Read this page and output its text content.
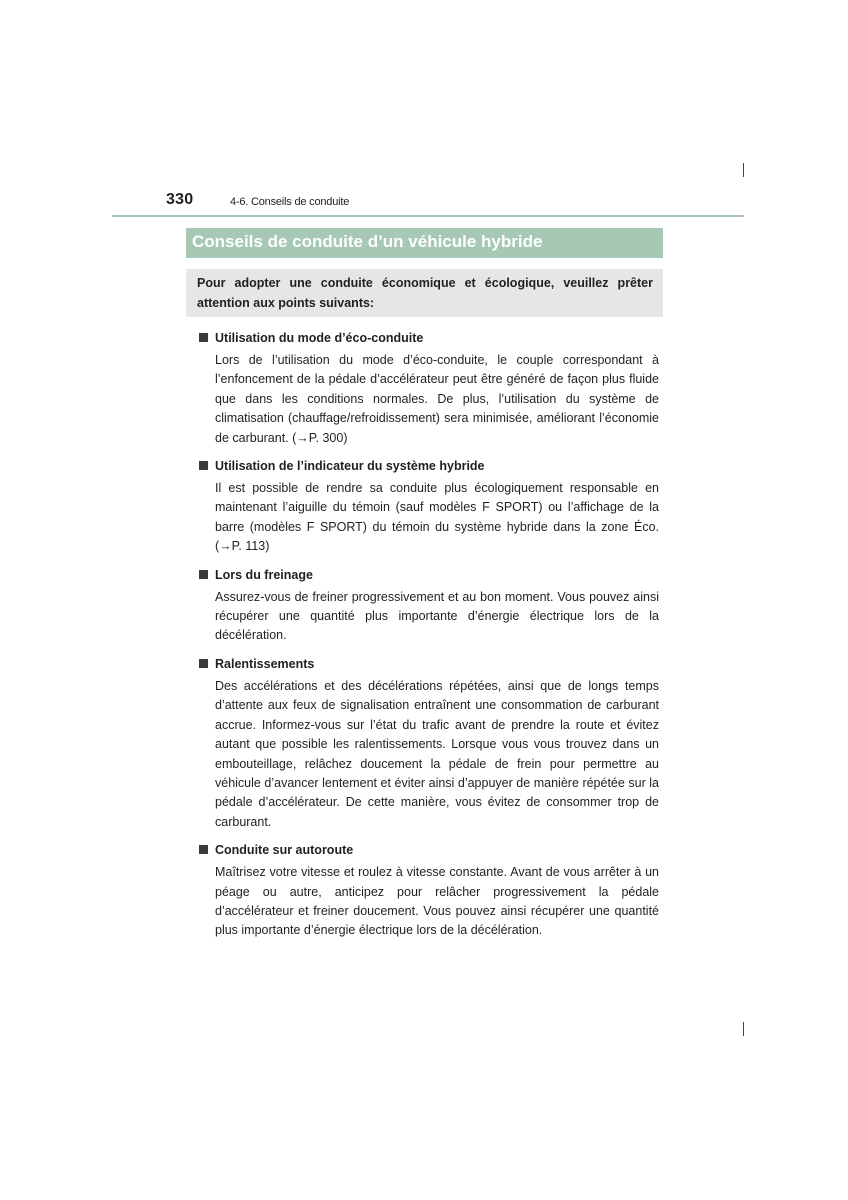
330	4-6. Conseils de conduite
Conseils de conduite d’un véhicule hybride
Pour adopter une conduite économique et écologique, veuillez prêter attention aux points suivants:
Utilisation du mode d’éco-conduite
Lors de l’utilisation du mode d’éco-conduite, le couple correspondant à l’enfoncement de la pédale d’accélérateur peut être généré de façon plus fluide que dans les conditions normales. De plus, l’utilisation du système de climatisation (chauffage/refroidissement) sera minimisée, améliorant l’économie de carburant. (→P. 300)
Utilisation de l’indicateur du système hybride
Il est possible de rendre sa conduite plus écologiquement responsable en maintenant l’aiguille du témoin (sauf modèles F SPORT) ou l’affichage de la barre (modèles F SPORT) du témoin du système hybride dans la zone Éco. (→P. 113)
Lors du freinage
Assurez-vous de freiner progressivement et au bon moment. Vous pouvez ainsi récupérer une quantité plus importante d’énergie électrique lors de la décélération.
Ralentissements
Des accélérations et des décélérations répétées, ainsi que de longs temps d’attente aux feux de signalisation entraînent une consommation de carburant accrue. Informez-vous sur l’état du trafic avant de prendre la route et évitez autant que possible les ralentissements. Lorsque vous vous trouvez dans un embouteillage, relâchez doucement la pédale de frein pour permettre au véhicule d’avancer lentement et éviter ainsi d’appuyer de manière répétée sur la pédale d’accélérateur. De cette manière, vous évitez de consommer trop de carburant.
Conduite sur autoroute
Maîtrisez votre vitesse et roulez à vitesse constante. Avant de vous arrêter à un péage ou autre, anticipez pour relâcher progressivement la pédale d’accélérateur et freiner doucement. Vous pouvez ainsi récupérer une quantité plus importante d’énergie électrique lors de la décélération.
